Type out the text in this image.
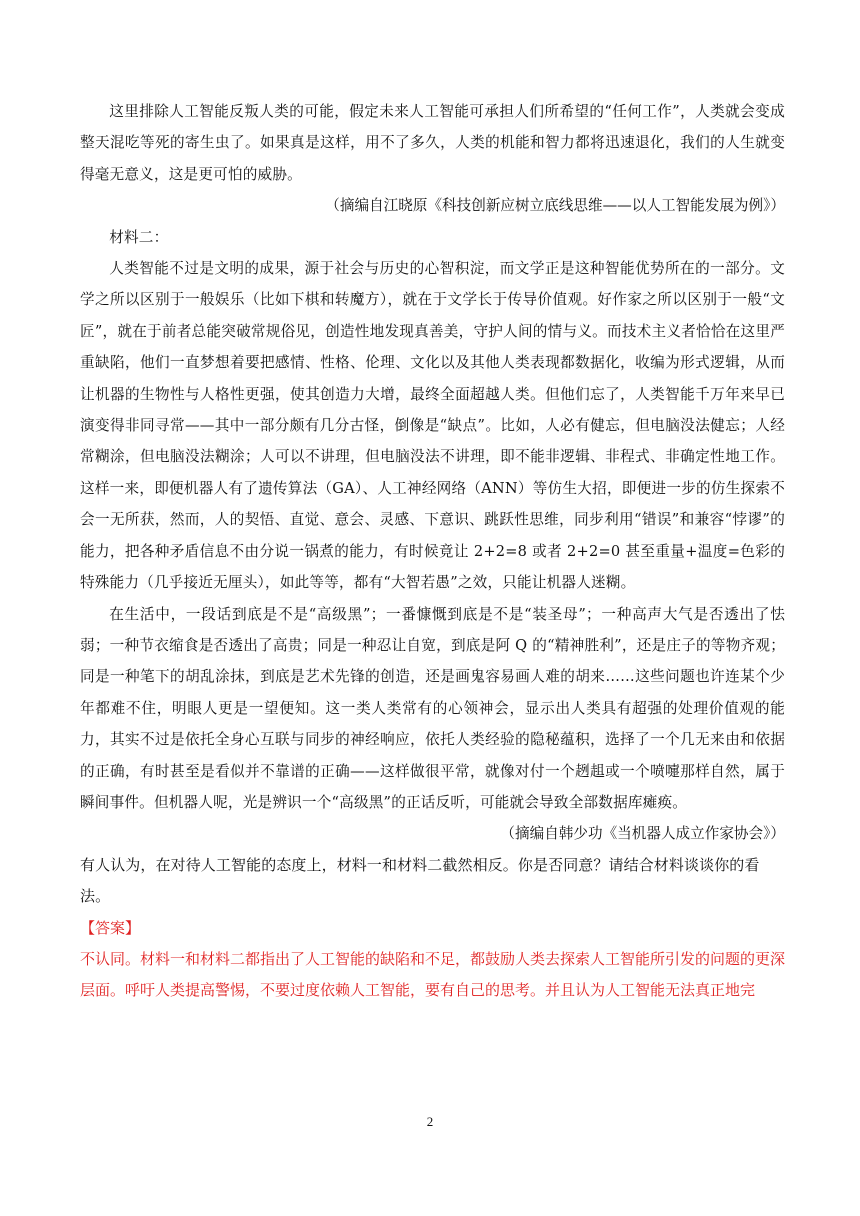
这里排除人工智能反叛人类的可能，假定未来人工智能可承担人们所希望的“任何工作”，人类就会变成整天混吃等死的寄生虫了。如果真是这样，用不了多久，人类的机能和智力都将迅速退化，我们的人生就变得毫无意义，这是更可怕的威胁。

（摘编自江晓原《科技创新应树立底线思维——以人工智能发展为例》）

材料二：

人类智能不过是文明的成果，源于社会与历史的心智积淀，而文学正是这种智能优势所在的一部分。文学之所以区别于一般娱乐（比如下棋和转魔方），就在于文学长于传导价值观。好作家之所以区别于一般“文匠”，就在于前者总能突破常规俗见，创造性地发现真善美，守护人间的情与义。而技术主义者恰恰在这里严重缺陷，他们一直梦想着要把感情、性格、伦理、文化以及其他人类表现都数据化，收编为形式逻辑，从而让机器的生物性与人格性更强，使其创造力大增，最终全面超越人类。但他们忘了，人类智能千万年来早已演变得非同寻常——其中一部分颇有几分古怪，倒像是“缺点”。比如，人必有健忘，但电脑没法健忘；人经常糊涂，但电脑没法糊涂；人可以不讲理，但电脑没法不讲理，即不能非逻辑、非程式、非确定性地工作。这样一来，即便机器人有了遗传算法（GA）、人工神经网络（ANN）等仿生大招，即便进一步的仿生探索不会一无所获，然而，人的契悟、直觉、意会、灵感、下意识、跳跃性思维，同步利用“错误”和兼容“悖谬”的能力，把各种矛盾信息不由分说一锅煮的能力，有时候竟让 2+2=8 或者 2+2=0 甚至重量+温度=色彩的特殊能力（几乎接近无厘头），如此等等，都有“大智若愚”之效，只能让机器人迷糊。

在生活中，一段话到底是不是“高级黑”；一番慷慨到底是不是“装圣母”；一种高声大气是否透出了怯弱；一种节衣缩食是否透出了高贵；同是一种忍让自宽，到底是阿 Q 的“精神胜利”，还是庄子的等物齐观；同是一种笔下的胡乱涂抹，到底是艺术先锋的创造，还是画鬼容易画人难的胡来……这些问题也许连某个少年都难不住，明眼人更是一望便知。这一类人类常有的心领神会，显示出人类具有超强的处理价值观的能力，其实不过是依托全身心互联与同步的神经响应，依托人类经验的隐秘蕴积，选择了一个几无来由和依据的正确，有时甚至是看似并不靠谱的正确——这样做很平常，就像对付一个趔趄或一个喷嚏那样自然，属于瞬间事件。但机器人呢，光是辨识一个“高级黑”的正话反听，可能就会导致全部数据库瘫痪。

（摘编自韩少功《当机器人成立作家协会》）

有人认为，在对待人工智能的态度上，材料一和材料二截然相反。你是否同意？请结合材料谈谈你的看法。

【答案】

不认同。材料一和材料二都指出了人工智能的缺陷和不足，都鼓励人类去探索人工智能所引发的问题的更深层面。呼吁人类提高警惕，不要过度依赖人工智能，要有自己的思考。并且认为人工智能无法真正地完

2
